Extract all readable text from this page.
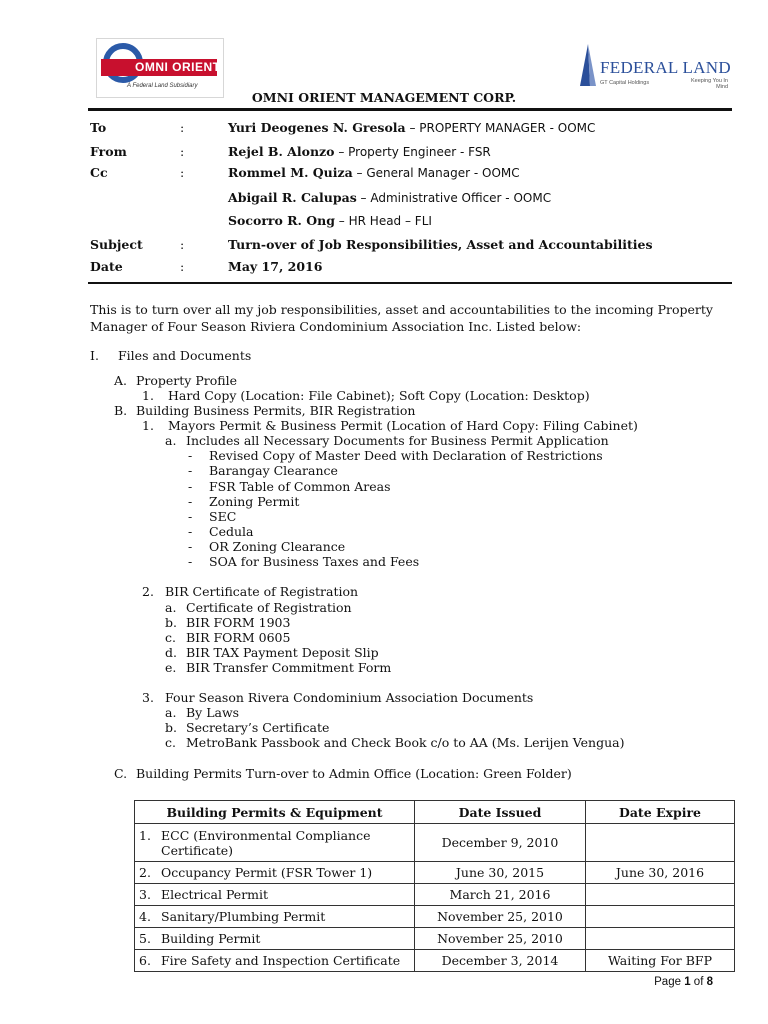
OMNI ORIENT
A Federal Land Subsidiary
FEDERAL LAND
GT Capital Holdings	Keeping You In Mind
OMNI ORIENT MANAGEMENT CORP.
To	:	Yuri Deogenes N. Gresola – PROPERTY MANAGER - OOMC
From	:	Rejel B. Alonzo – Property Engineer - FSR
Cc	:	Rommel M. Quiza – General Manager - OOMC
Abigail R. Calupas – Administrative Officer - OOMC
Socorro R. Ong – HR Head – FLI
Subject	:	Turn-over of Job Responsibilities, Asset and Accountabilities
Date	:	May 17, 2016
This is to turn over all my job responsibilities, asset and accountabilities to the incoming Property
Manager of Four Season Riviera Condominium Association Inc. Listed below:
I. Files and Documents
A. Property Profile
1. Hard Copy (Location: File Cabinet); Soft Copy (Location: Desktop)
B. Building Business Permits, BIR Registration
1. Mayors Permit & Business Permit (Location of Hard Copy: Filing Cabinet)
a. Includes all Necessary Documents for Business Permit Application
- Revised Copy of Master Deed with Declaration of Restrictions
- Barangay Clearance
- FSR Table of Common Areas
- Zoning Permit
- SEC
- Cedula
- OR Zoning Clearance
- SOA for Business Taxes and Fees
2. BIR Certificate of Registration
a. Certificate of Registration
b. BIR FORM 1903
c. BIR FORM 0605
d. BIR TAX Payment Deposit Slip
e. BIR Transfer Commitment Form
3. Four Season Rivera Condominium Association Documents
a. By Laws
b. Secretary’s Certificate
c. MetroBank Passbook and Check Book c/o to AA (Ms. Lerijen Vengua)
C. Building Permits Turn-over to Admin Office (Location: Green Folder)
Building Permits & Equipment	Date Issued	Date Expire
1. ECC (Environmental Compliance
Certificate)	December 9, 2010	
2. Occupancy Permit (FSR Tower 1)	June 30, 2015	June 30, 2016
3. Electrical Permit	March 21, 2016	
4. Sanitary/Plumbing Permit	November 25, 2010	
5. Building Permit	November 25, 2010	
6. Fire Safety and Inspection Certificate	December 3, 2014	Waiting For BFP
Page 1 of 8
